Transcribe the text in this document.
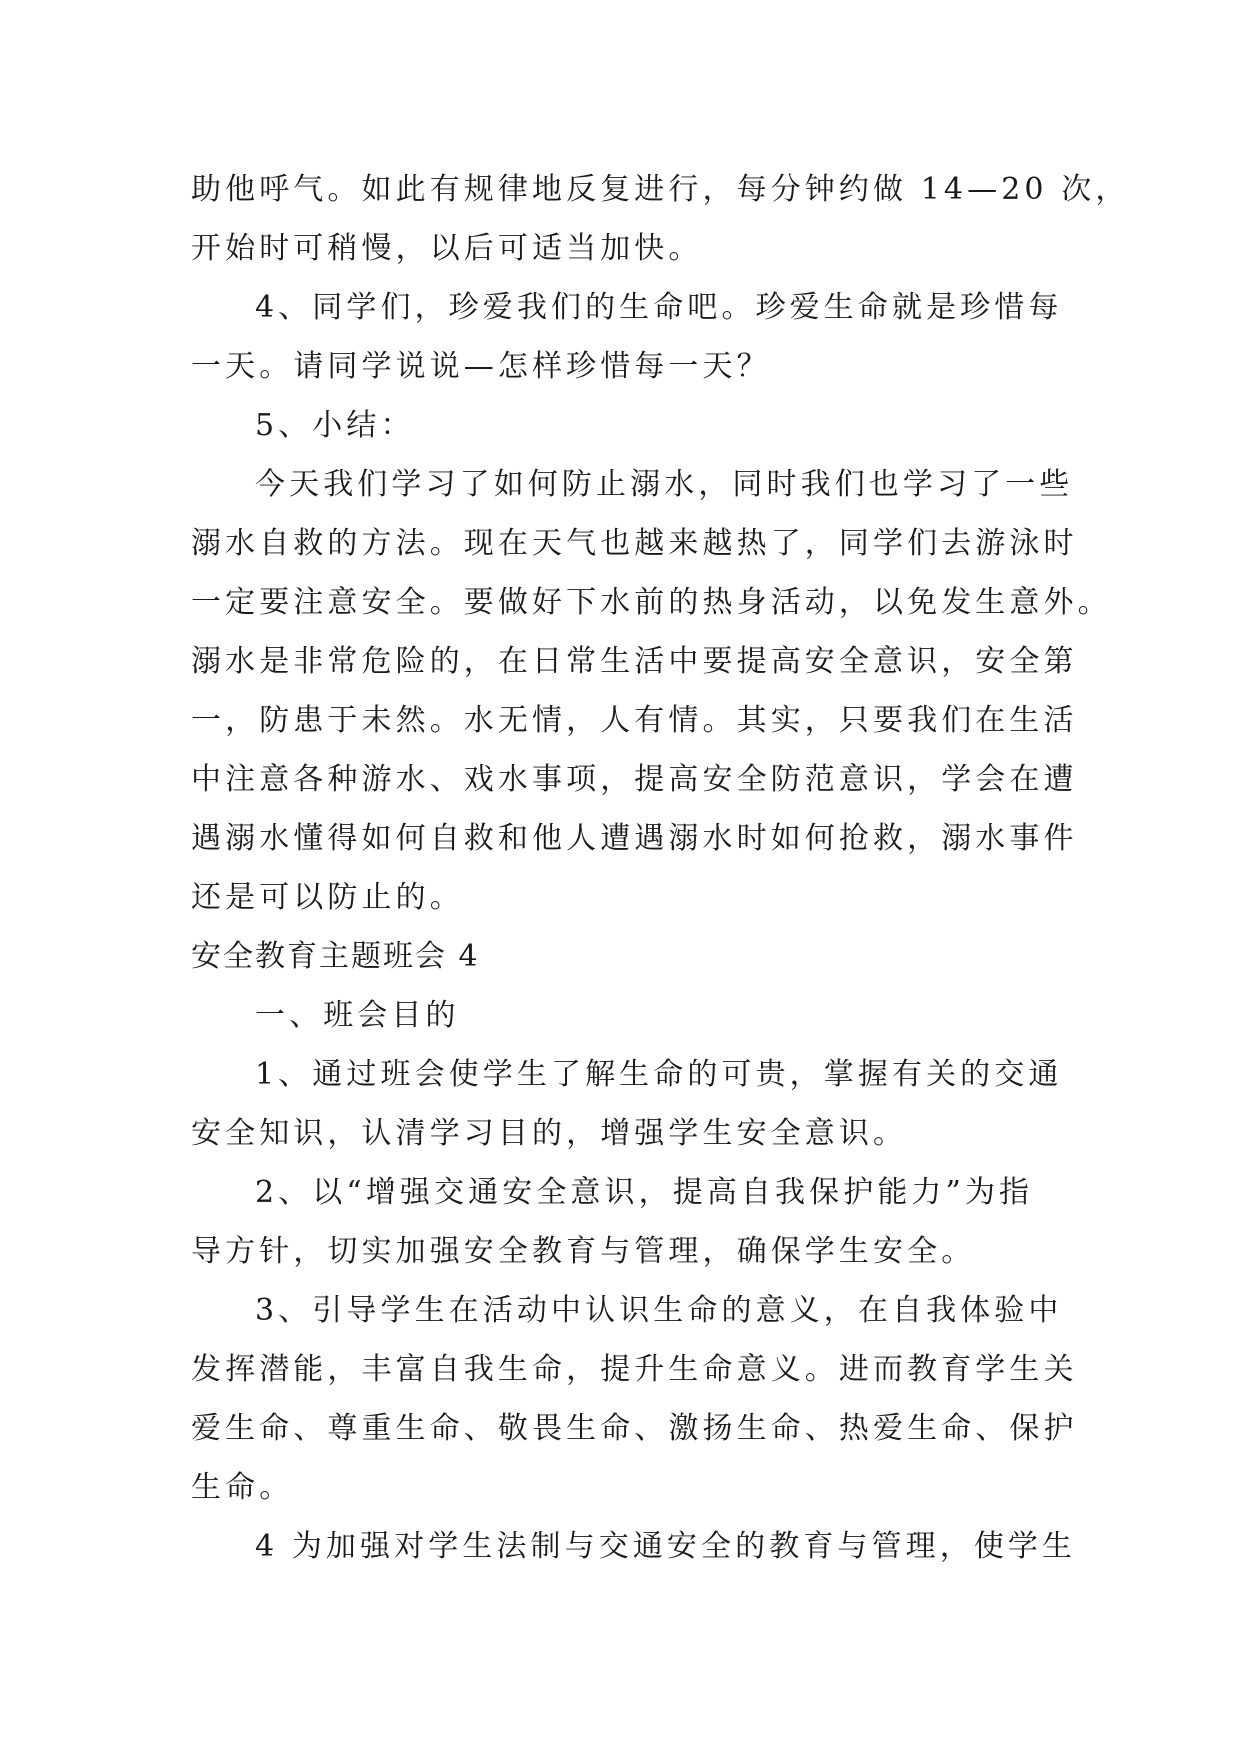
助他呼气。如此有规律地反复进行，每分钟约做 14—20 次，
开始时可稍慢，以后可适当加快。
4、同学们，珍爱我们的生命吧。珍爱生命就是珍惜每
一天。请同学说说—怎样珍惜每一天？
5、小结：
今天我们学习了如何防止溺水，同时我们也学习了一些
溺水自救的方法。现在天气也越来越热了，同学们去游泳时
一定要注意安全。要做好下水前的热身活动，以免发生意外。
溺水是非常危险的，在日常生活中要提高安全意识，安全第
一，防患于未然。水无情，人有情。其实，只要我们在生活
中注意各种游水、戏水事项，提高安全防范意识，学会在遭
遇溺水懂得如何自救和他人遭遇溺水时如何抢救，溺水事件
还是可以防止的。
安全教育主题班会 4
一、班会目的
1、通过班会使学生了解生命的可贵，掌握有关的交通
安全知识，认清学习目的，增强学生安全意识。
2、以“增强交通安全意识，提高自我保护能力”为指
导方针，切实加强安全教育与管理，确保学生安全。
3、引导学生在活动中认识生命的意义，在自我体验中
发挥潜能，丰富自我生命，提升生命意义。进而教育学生关
爱生命、尊重生命、敬畏生命、激扬生命、热爱生命、保护
生命。
4 为加强对学生法制与交通安全的教育与管理，使学生
